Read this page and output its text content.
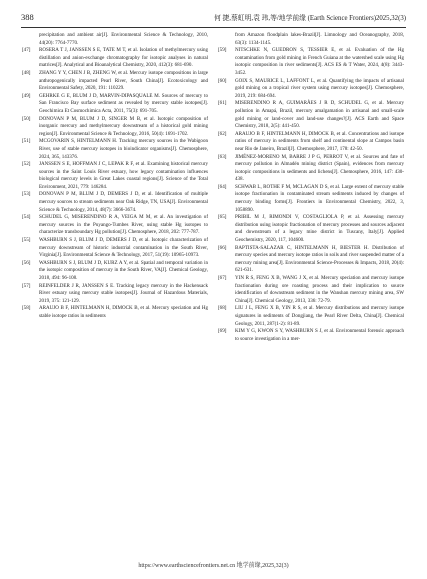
388	何 捷,蔡虹明,袁 玮,等/地学前缘 (Earth Science Frontiers)2025,32(3)

precipitation and ambient air[J]. Environmental Science & Technology, 2010, 44(20): 7764-7770.

[47] ROSERA T J, JANSSEN S E, TATE M T, et al. Isolation of methylmercury using distillation and anion-exchange chromatography for isotopic analyses in natural matrices[J]. Analytical and Bioanalytical Chemistry, 2020, 412(3): 681-690.

[48] ZHANG Y Y, CHEN J B, ZHENG W, et al. Mercury isotope compositions in large anthropogenically impacted Pearl River, South China[J]. Ecotoxicology and Environmental Safety, 2020, 191: 110229.

[49] GEHRKE G E, BLUM J D, MARVIN-DIPASQUALE M. Sources of mercury to San Francisco Bay surface sediment as revealed by mercury stable isotopes[J]. Geochimica Et Cosmochimica Acta, 2011, 75(3): 691-705.

[50] DONOVAN P M, BLUM J D, SINGER M B, et al. Isotopic composition of inorganic mercury and methylmercury downstream of a historical gold mining region[J]. Environmental Science & Technology, 2016, 50(4): 1691-1702.

[51] MCGOVARIN S, HINTELMANN H. Tracking mercury sources in the Wabigoon River, use of stable mercury isotopes in bioindicator organisms[J]. Chemosphere, 2024, 365, 143376.

[52] JANSSEN S E, HOFFMAN J C, LEPAK R F, et al. Examining historical mercury sources in the Saint Louis River estuary, how legacy contamination influences biological mercury levels in Great Lakes coastal regions[J]. Science of the Total Environment, 2021, 779: 146284.

[53] DONOVAN P M, BLUM J D, DEMERS J D, et al. Identification of multiple mercury sources to stream sediments near Oak Ridge, TN, USA[J]. Environmental Science & Technology, 2014, 48(7): 3666-3674.

[54] SCHUDEL G, MISERENDINO R A, VEIGA M M, et al. An investigation of mercury sources in the Puyango-Tumbes River, using stable Hg isotopes to characterize transboundary Hg pollution[J]. Chemosphere, 2018, 202: 777-787.

[55] WASHBURN S J, BLUM J D, DEMERS J D, et al. Isotopic characterization of mercury downstream of historic industrial contamination in the South River, Virginia[J]. Environmental Science & Technology, 2017, 51(19): 10965-10973.

[56] WASHBURN S J, BLUM J D, KURZ A Y, et al. Spatial and temporal variation in the isotopic composition of mercury in the South River, VA[J]. Chemical Geology, 2018, 494: 96-108.

[57] REINFELDER J R, JANSSEN S E. Tracking legacy mercury in the Hackensack River estuary using mercury stable isotopes[J]. Journal of Hazardous Materials, 2019, 375: 121-129.

[58] ARAUJO B F, HINTELMANN H, DIMOCK B, et al. Mercury speciation and Hg stable isotope ratios in sediments

from Amazon floodplain lakes-Brazil[J]. Limnology and Oceanography, 2018, 63(3): 1134-1145.

[59] NITSCHKE N, GUEDRON S, TESSIER E, et al. Evaluation of the Hg contamination from gold mining in French Guiana at the watershed scale using Hg isotopic composition in river sediments[J]. ACS ES & T Water, 2024, 4(8): 3443-3452.

[60] GOIX S, MAURICE L, LAFFONT L, et al. Quantifying the impacts of artisanal gold mining on a tropical river system using mercury isotopes[J]. Chemosphere, 2019, 219: 684-694.

[61] MISERENDINO R A, GUIMARÃES J R D, SCHUDEL G, et al. Mercury pollution in Amapá, Brazil, mercury amalgamation in artisanal and small-scale gold mining or land-cover and land-use changes?[J]. ACS Earth and Space Chemistry, 2018, 2(5): 441-450.

[62] ARAUJO B F, HINTELMANN H, DIMOCK B, et al. Concentrations and isotope ratios of mercury in sediments from shelf and continental slope at Campos basin near Rio de Janeiro, Brazil[J]. Chemosphere, 2017, 178: 42-50.

[63] JIMÉNEZ-MORENO M, BARRE J P G, PERROT V, et al. Sources and fate of mercury pollution in Almadén mining district (Spain), evidences from mercury isotopic compositions in sediments and lichens[J]. Chemosphere, 2016, 147: 430-438.

[64] SCHWAB L, ROTHE F M, MCLAGAN D S, et al. Large extent of mercury stable isotope fractionation in contaminated stream sediments induced by changes of mercury binding forms[J]. Frontiers in Environmental Chemistry, 2022, 3, 1058890.

[65] PRIBIL M J, RIMONDI V, COSTAGLIOLA P, et al. Assessing mercury distribution using isotopic fractionation of mercury processes and sources adjacent and downstream of a legacy mine district in Tuscany, Italy[J]. Applied Geochemistry, 2020, 117, 104600.

[66] BAPTISTA-SALAZAR C, HINTELMANN H, BIESTER H. Distribution of mercury species and mercury isotope ratios in soils and river suspended matter of a mercury mining area[J]. Environmental Science-Processes & Impacts, 2018, 20(4): 621-631.

[67] YIN R S, FENG X B, WANG J X, et al. Mercury speciation and mercury isotope fractionation during ore roasting process and their implication to source identification of downstream sediment in the Wanshan mercury mining area, SW China[J]. Chemical Geology, 2013, 336: 72-79.

[68] LIU J L, FENG X B, YIN R S, et al. Mercury distributions and mercury isotope signatures in sediments of Dongjiang, the Pearl River Delta, China[J]. Chemical Geology, 2011, 287(1-2): 81-89.

[69] KIM Y G, KWON S Y, WASHBURN S J, et al. Environmental forensic approach to source investigation in a mer-

https://www.earthsciencefrontiers.net.cn 地学前缘,2025,32(3)
